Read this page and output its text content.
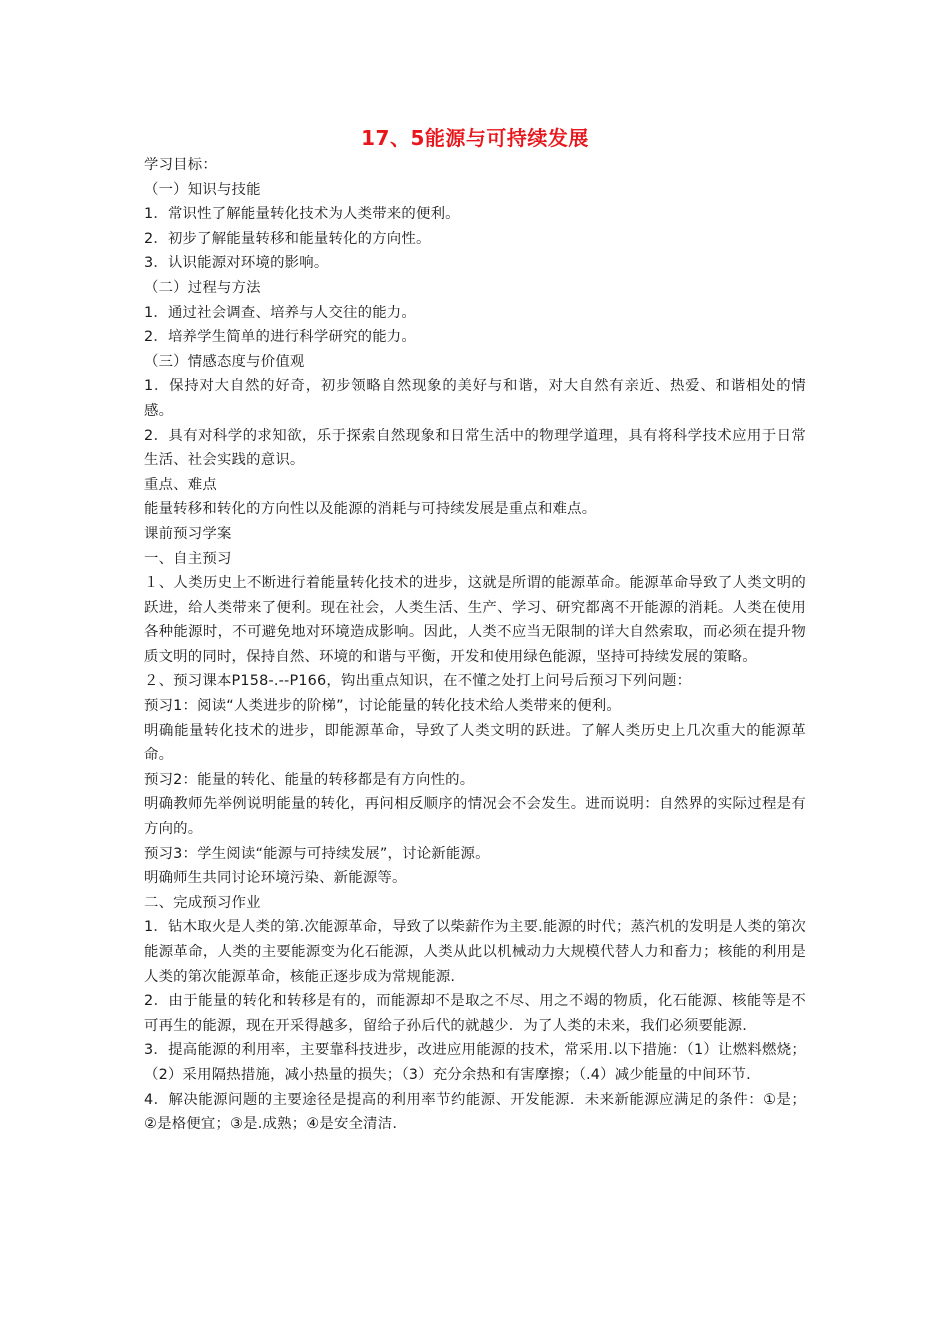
17、5能源与可持续发展

学习目标：

（一）知识与技能

1．常识性了解能量转化技术为人类带来的便利。

2．初步了解能量转移和能量转化的方向性。

3．认识能源对环境的影响。

（二）过程与方法

1．通过社会调查、培养与人交往的能力。

2．培养学生简单的进行科学研究的能力。

（三）情感态度与价值观

1．保持对大自然的好奇，初步领略自然现象的美好与和谐，对大自然有亲近、热爱、和谐相处的情感。

2．具有对科学的求知欲，乐于探索自然现象和日常生活中的物理学道理，具有将科学技术应用于日常生活、社会实践的意识。

重点、难点

能量转移和转化的方向性以及能源的消耗与可持续发展是重点和难点。

课前预习学案

一、自主预习

１、人类历史上不断进行着能量转化技术的进步，这就是所谓的能源革命。能源革命导致了人类文明的跃进，给人类带来了便利。现在社会，人类生活、生产、学习、研究都离不开能源的消耗。人类在使用各种能源时，不可避免地对环境造成影响。因此，人类不应当无限制的详大自然索取，而必须在提升物质文明的同时，保持自然、环境的和谐与平衡，开发和使用绿色能源，坚持可持续发展的策略。

２、预习课本P158-.--P166，钩出重点知识，在不懂之处打上问号后预习下列问题：

预习1：阅读“人类进步的阶梯”，讨论能量的转化技术给人类带来的便利。

明确能量转化技术的进步，即能源革命，导致了人类文明的跃进。了解人类历史上几次重大的能源革命。

预习2：能量的转化、能量的转移都是有方向性的。

明确教师先举例说明能量的转化，再问相反顺序的情况会不会发生。进而说明：自然界的实际过程是有方向的。

预习3：学生阅读“能源与可持续发展”，讨论新能源。

明确师生共同讨论环境污染、新能源等。

二、完成预习作业

1．钻木取火是人类的第.次能源革命，导致了以柴薪作为主要.能源的时代；蒸汽机的发明是人类的第次能源革命，人类的主要能源变为化石能源，人类从此以机械动力大规模代替人力和畜力；核能的利用是人类的第次能源革命，核能正逐步成为常规能源.

2．由于能量的转化和转移是有的，而能源却不是取之不尽、用之不竭的物质，化石能源、核能等是不可再生的能源，现在开采得越多，留给子孙后代的就越少．为了人类的未来，我们必须要能源.

3．提高能源的利用率，主要靠科技进步，改进应用能源的技术，常采用.以下措施：（1）让燃料燃烧；（2）采用隔热措施，减小热量的损失；（3）充分余热和有害摩擦；（.4）减少能量的中间环节.

4．解决能源问题的主要途径是提高的利用率节约能源、开发能源．未来新能源应满足的条件：①是；②是格便宜；③是.成熟；④是安全清洁.
